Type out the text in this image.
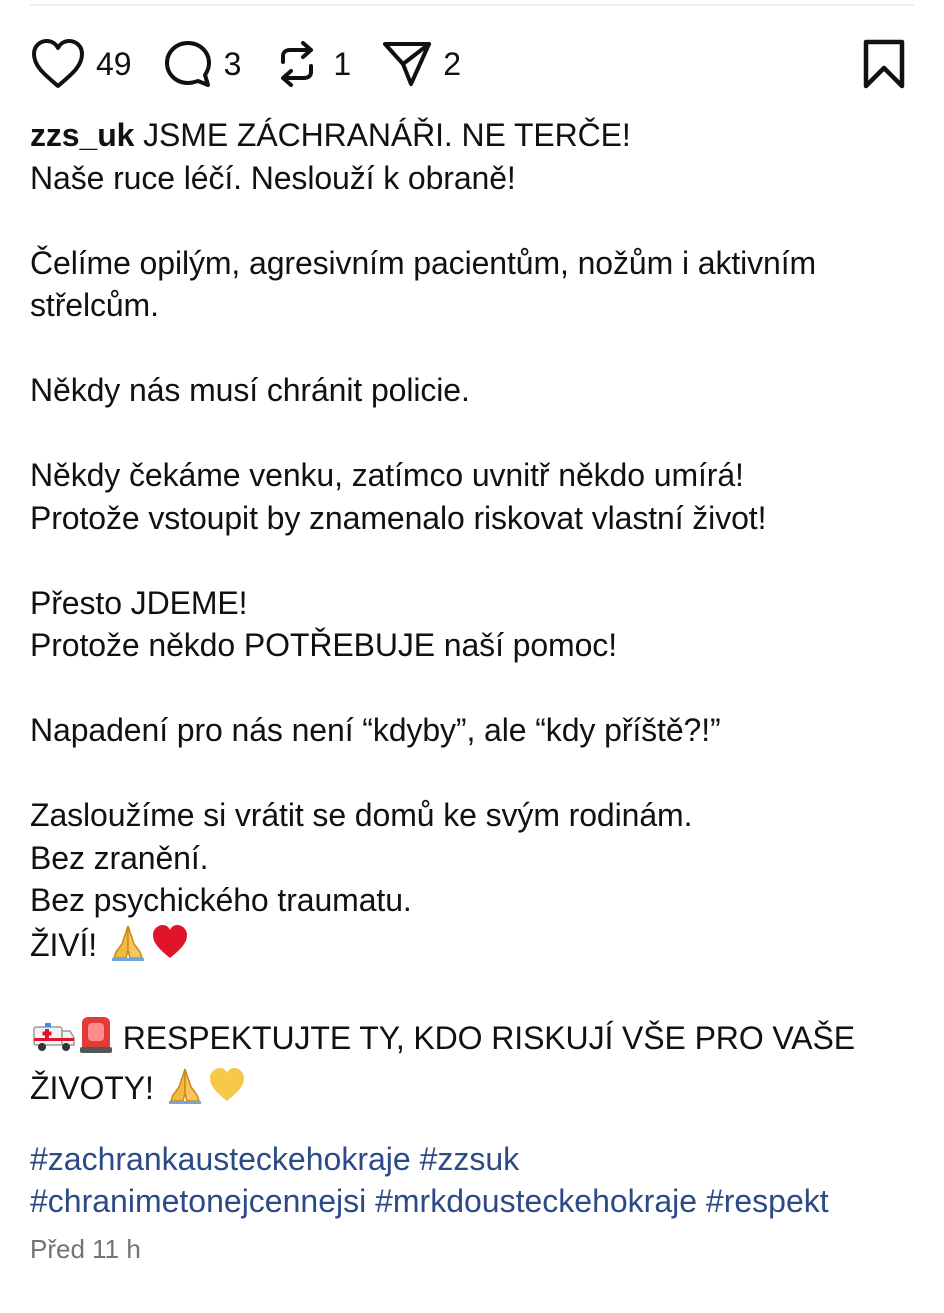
49	3	1	2

zzs_uk JSME ZÁCHRANÁŘI. NE TERČE!

Naše ruce léčí. Neslouží k obraně!

Čelíme opilým, agresivním pacientům, nožům i aktivním

střelcům.

Někdy nás musí chránit policie.

Někdy čekáme venku, zatímco uvnitř někdo umírá!

Protože vstoupit by znamenalo riskovat vlastní život!

Přesto JDEME!

Protože někdo POTŘEBUJE naší pomoc!

Napadení pro nás není “kdyby”, ale “kdy příště?!”

Zasloužíme si vrátit se domů ke svým rodinám.

Bez zranění.

Bez psychického traumatu.

ŽIVÍ!

RESPEKTUJTE TY, KDO RISKUJÍ VŠE PRO VAŠE

ŽIVOTY!

#zachrankausteckehokraje #zzsuk
#chranimetonejcennejsi #mrkdousteckehokraje #respekt
Před 11 h
